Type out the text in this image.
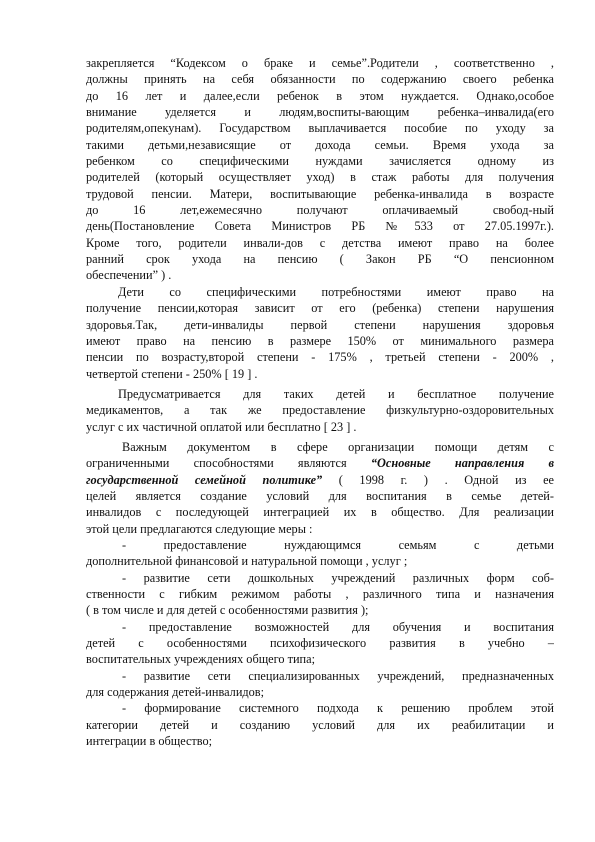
закрепляется “Кодексом о браке и семье”.Родители , соответственно ,
должны принять на себя обязанности по содержанию своего ребенка
до 16 лет и далее,если ребенок в этом нуждается. Однако,особое
внимание уделяется и людям,воспиты-вающим ребенка–инвалида(его
родителям,опекунам). Государством выплачивается пособие по уходу за
такими детьми,независящие от дохода семьи. Время ухода за
ребенком со специфическими нуждами зачисляется одному из
родителей (который осуществляет уход) в стаж работы для получения
трудовой пенсии. Матери, воспитывающие ребенка-инвалида в возрасте
до 16 лет,ежемесячно получают оплачиваемый свобод-ный
день(Постановление Совета Министров РБ №533 от 27.05.1997г.).
Кроме того, родители инвали-дов с детства имеют право на более
ранний срок ухода на пенсию ( Закон РБ “О пенсионном
обеспечении” ) .
Дети со специфическими потребностями имеют право на
получение пенсии,которая зависит от его (ребенка) степени нарушения
здоровья.Так, дети-инвалиды первой степени нарушения здоровья
имеют право на пенсию в размере 150% от минимального размера
пенсии по возрасту,второй степени - 175% , третьей степени - 200% ,
четвертой степени - 250% [ 19 ] .
Предусматривается для таких детей и бесплатное получение
медикаментов, а так же предоставление физкультурно-оздоровительных
услуг с их частичной оплатой или бесплатно [ 23 ] .
Важным документом в сфере организации помощи детям с
ограниченными способностями являются “Основные направления в
государственной семейной политике” ( 1998 г. ) . Одной из ее
целей является создание условий для воспитания в семье детей-
инвалидов с последующей интеграцией их в общество. Для реализации
этой цели предлагаются следующие меры :
- предоставление нуждающимся семьям с детьми
дополнительной финансовой и натуральной помощи , услуг ;
- развитие сети дошкольных учреждений различных форм соб-
ственности с гибким режимом работы , различного типа и назначения
( в том числе и для детей с особенностями развития );
- предоставление возможностей для обучения и воспитания
детей с особенностями психофизического развития в учебно –
воспитательных учреждениях общего типа;
- развитие сети специализированных учреждений, предназначенных
для содержания детей-инвалидов;
- формирование системного подхода к решению проблем этой
категории детей и созданию условий для их реабилитации и
интеграции в общество;
